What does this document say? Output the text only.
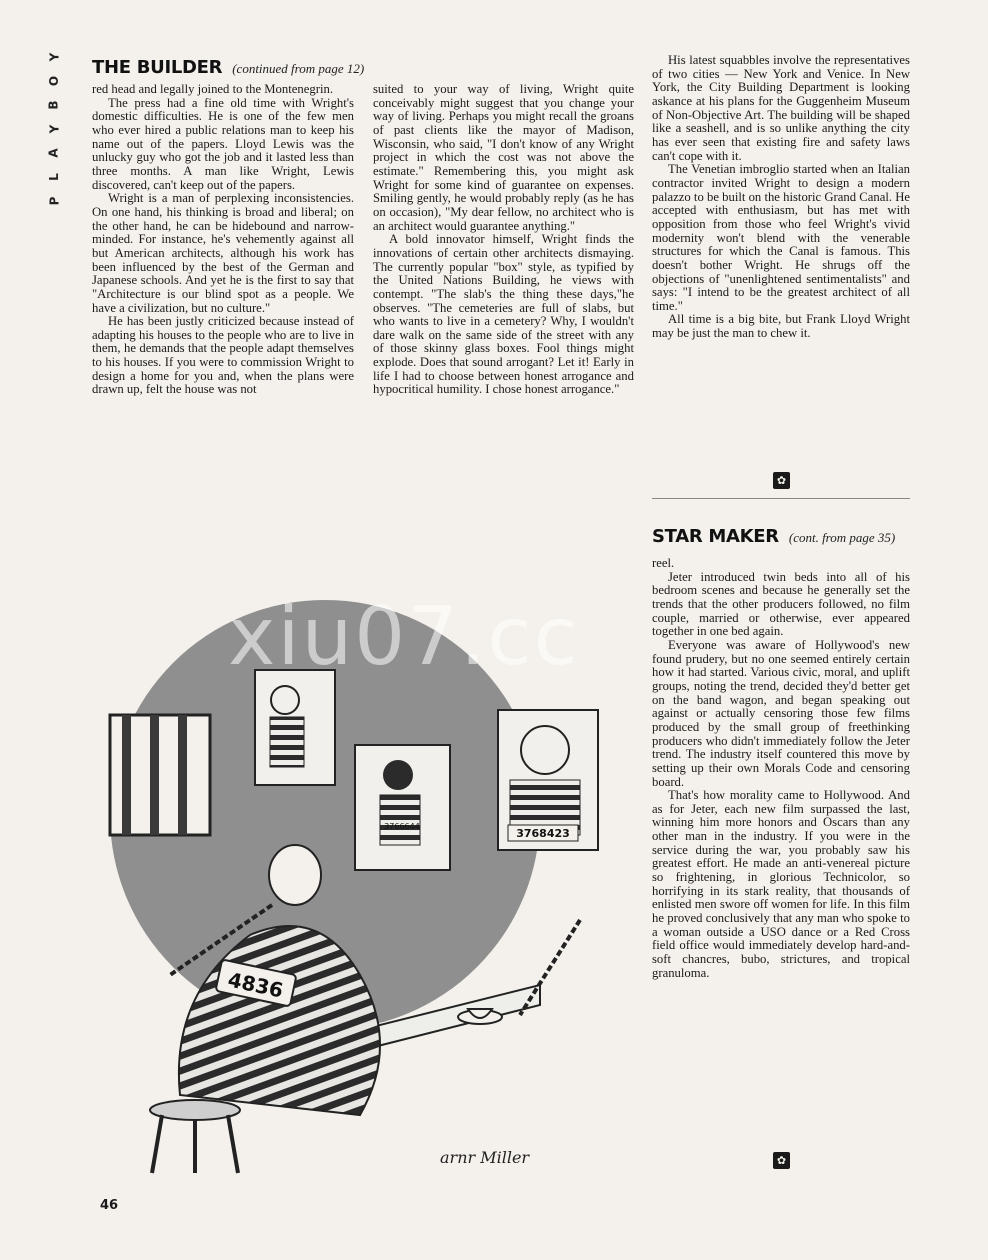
Y
O
B
Y
A
L
P
THE BUILDER (continued from page 12)

red head and legally joined to the Montenegrin.

The press had a fine old time with Wright's domestic difficulties. He is one of the few men who ever hired a public relations man to keep his name out of the papers. Lloyd Lewis was the unlucky guy who got the job and it lasted less than three months. A man like Wright, Lewis discovered, can't keep out of the papers.

Wright is a man of perplexing inconsistencies. On one hand, his thinking is broad and liberal; on the other hand, he can be hidebound and narrow-minded. For instance, he's vehemently against all but American architects, although his work has been influenced by the best of the German and Japanese schools. And yet he is the first to say that "Architecture is our blind spot as a people. We have a civilization, but no culture."

He has been justly criticized because instead of adapting his houses to the people who are to live in them, he demands that the people adapt themselves to his houses. If you were to commission Wright to design a home for you and, when the plans were drawn up, felt the house was not

suited to your way of living, Wright quite conceivably might suggest that you change your way of living. Perhaps you might recall the groans of past clients like the mayor of Madison, Wisconsin, who said, "I don't know of any Wright project in which the cost was not above the estimate." Remembering this, you might ask Wright for some kind of guarantee on expenses. Smiling gently, he would probably reply (as he has on occasion), "My dear fellow, no architect who is an architect would guarantee anything."

A bold innovator himself, Wright finds the innovations of certain other architects dismaying. The currently popular "box" style, as typified by the United Nations Building, he views with contempt. "The slab's the thing these days,"he observes. "The cemeteries are full of slabs, but who wants to live in a cemetery? Why, I wouldn't dare walk on the same side of the street with any of those skinny glass boxes. Fool things might explode. Does that sound arrogant? Let it! Early in life I had to choose between honest arrogance and hypocritical humility. I chose honest arrogance."

His latest squabbles involve the representatives of two cities — New York and Venice. In New York, the City Building Department is looking askance at his plans for the Guggenheim Museum of Non-Objective Art. The building will be shaped like a seashell, and is so unlike anything the city has ever seen that existing fire and safety laws can't cope with it.

The Venetian imbroglio started when an Italian contractor invited Wright to design a modern palazzo to be built on the historic Grand Canal. He accepted with enthusiasm, but has met with opposition from those who feel Wright's vivid modernity won't blend with the venerable structures for which the Canal is famous. This doesn't bother Wright. He shrugs off the objections of "unenlightened sentimentalists" and says: "I intend to be the greatest architect of all time."

All time is a big bite, but Frank Lloyd Wright may be just the man to chew it.

✿
STAR MAKER (cont. from page 35)

reel.

Jeter introduced twin beds into all of his bedroom scenes and because he generally set the trends that the other producers followed, no film couple, married or otherwise, ever appeared together in one bed again.

Everyone was aware of Hollywood's new found prudery, but no one seemed entirely certain how it had started. Various civic, moral, and uplift groups, noting the trend, decided they'd better get on the band wagon, and began speaking out against or actually censoring those few films produced by the small group of freethinking producers who didn't immediately follow the Jeter trend. The industry itself countered this move by setting up their own Morals Code and censoring board.

That's how morality came to Hollywood. And as for Jeter, each new film surpassed the last, winning him more honors and Oscars than any other man in the industry. If you were in the service during the war, you probably saw his greatest effort. He made an anti-venereal picture so frightening, in glorious Technicolor, so horrifying in its stark reality, that thousands of enlisted men swore off women for life. In this film he proved conclusively that any man who spoke to a woman outside a USO dance or a Red Cross field office would immediately develop hard-and-soft chancres, bubo, strictures, and tropical granuloma.

✿
3766644
3768423
4836
arnr Miller
xiu07.cc
46
